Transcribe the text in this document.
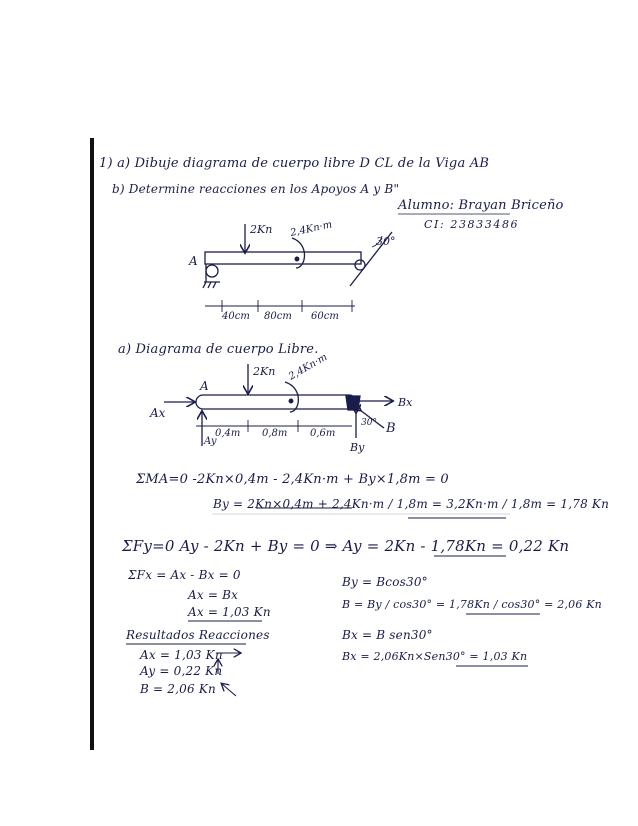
1) a) Dibuje diagrama de cuerpo libre D CL de la Viga AB
b) Determine reacciones en los Apoyos A y B"
Alumno: Brayan Briceño
CI: 23833486
a) Diagrama de cuerpo Libre.
ΣMA=0 -2Kn×0,4m - 2,4Kn·m + By×1,8m = 0
By = 2Kn×0,4m + 2,4Kn·m / 1,8m = 3,2Kn·m / 1,8m = 1,78 Kn
ΣFy=0 Ay - 2Kn + By = 0 ⇒ Ay = 2Kn - 1,78Kn = 0,22 Kn
ΣFx = Ax - Bx = 0
Ax = Bx
Ax = 1,03 Kn
By = Bcos30°
B = By / cos30° = 1,78Kn / cos30° = 2,06 Kn
Bx = B sen30°
Bx = 2,06Kn×Sen30° = 1,03 Kn
Resultados Reacciones
Ax = 1,03 Kn
Ay = 0,22 Kn
B = 2,06 Kn
2Kn 2,4Kn·m
30°
A
40cm 80cm 60cm
2Kn 2,4Kn·m
A
Ax
Ay
Bx
By
B
30°
0,4m 0,8m 0,6m
